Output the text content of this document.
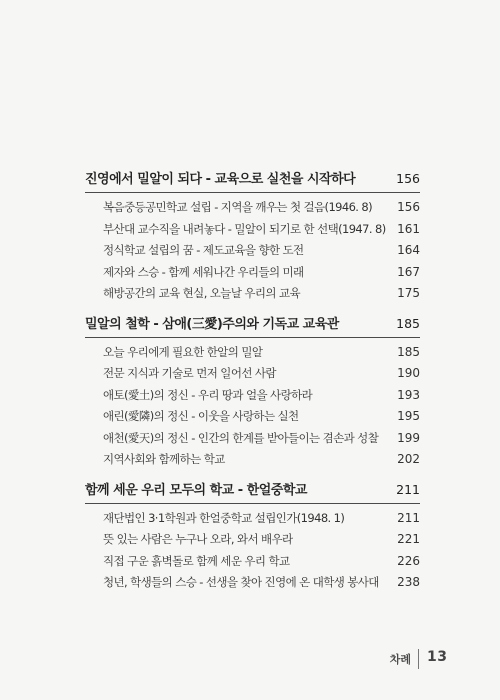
진영에서 밀알이 되다 - 교육으로 실천을 시작하다	156
복음중등공민학교 설립 - 지역을 깨우는 첫 걸음(1946. 8) 156
부산대 교수직을 내려놓다 - 밀알이 되기로 한 선택(1947. 8) 161
정식학교 설립의 꿈 - 제도교육을 향한 도전	164
제자와 스승 - 함께 세워나간 우리들의 미래	167
해방공간의 교육 현실, 오늘날 우리의 교육	175
밀알의 철학 - 삼애(三愛)주의와 기독교 교육관	185
오늘 우리에게 필요한 한알의 밀알	185
전문 지식과 기술로 먼저 일어선 사람	190
애토(愛土)의 정신 - 우리 땅과 얼을 사랑하라	193
애린(愛隣)의 정신 - 이웃을 사랑하는 실천	195
애천(愛天)의 정신 - 인간의 한계를 받아들이는 겸손과 성찰 199
지역사회와 함께하는 학교	202
함께 세운 우리 모두의 학교 - 한얼중학교	211
재단법인 3·1학원과 한얼중학교 설립인가(1948. 1)	211
뜻 있는 사람은 누구나 오라, 와서 배우라	221
직접 구운 흙벽돌로 함께 세운 우리 학교	226
청년, 학생들의 스승 - 선생을 찾아 진영에 온 대학생 봉사대 238
차례 13
